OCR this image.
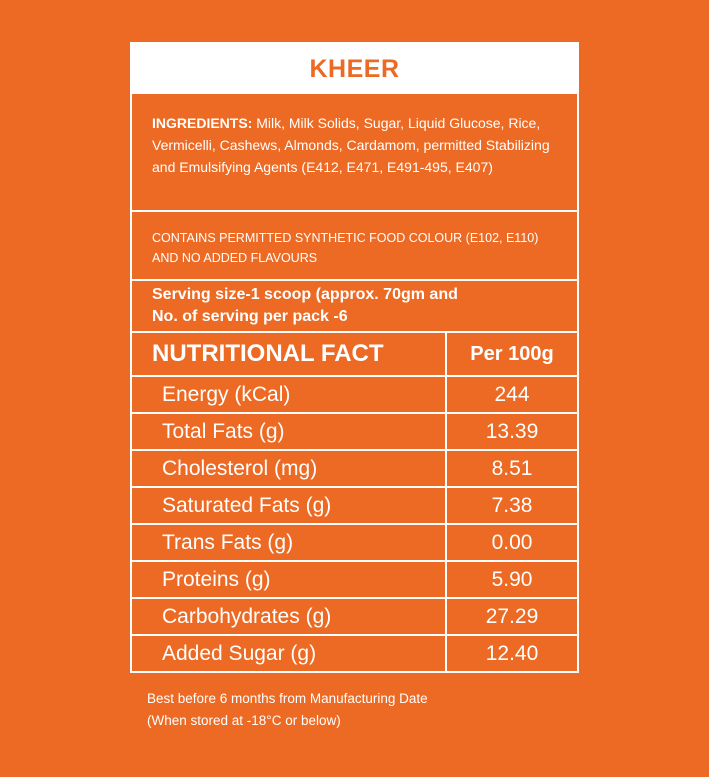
KHEER
INGREDIENTS: Milk, Milk Solids, Sugar, Liquid Glucose, Rice, Vermicelli, Cashews, Almonds, Cardamom, permitted Stabilizing and Emulsifying Agents (E412, E471, E491-495, E407)
CONTAINS PERMITTED SYNTHETIC FOOD COLOUR (E102, E110) AND NO ADDED FLAVOURS
Serving size-1 scoop (approx. 70gm and
No. of serving per pack -6
NUTRITIONAL FACT	Per 100g
Energy (kCal)	244
Total Fats (g)	13.39
Cholesterol (mg)	8.51
Saturated Fats (g)	7.38
Trans Fats (g)	0.00
Proteins (g)	5.90
Carbohydrates (g)	27.29
Added Sugar (g)	12.40
Best before 6 months from Manufacturing Date
(When stored at -18°C or below)
